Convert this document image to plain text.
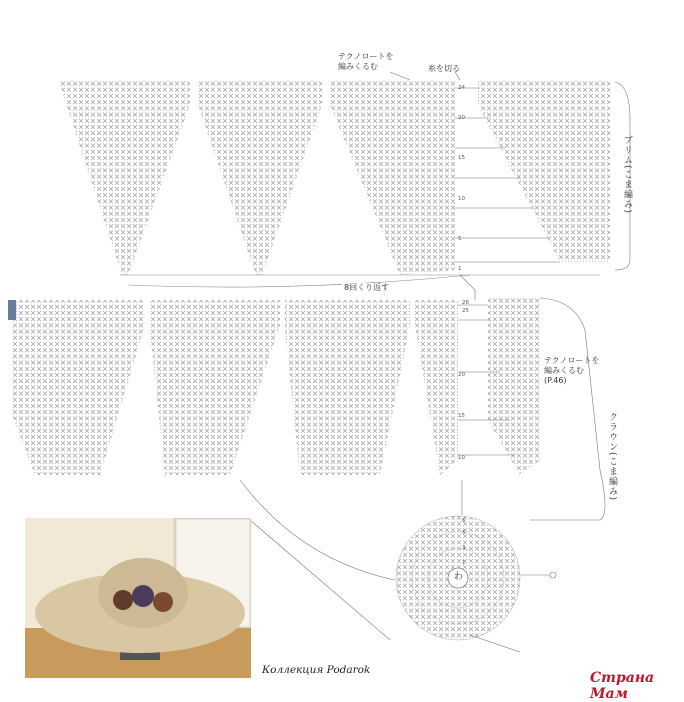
テクノロートを
編みくるむ	糸を切る
8回くり返す
テクノロートを
編みくるむ
(P.46)
ブリム(こま編み)
クラウン(こま編み)
わ
24
20
15
10
5
1
26
25
20
15
10
6
5
3
1
Коллекция Podarok	Страна Мам
